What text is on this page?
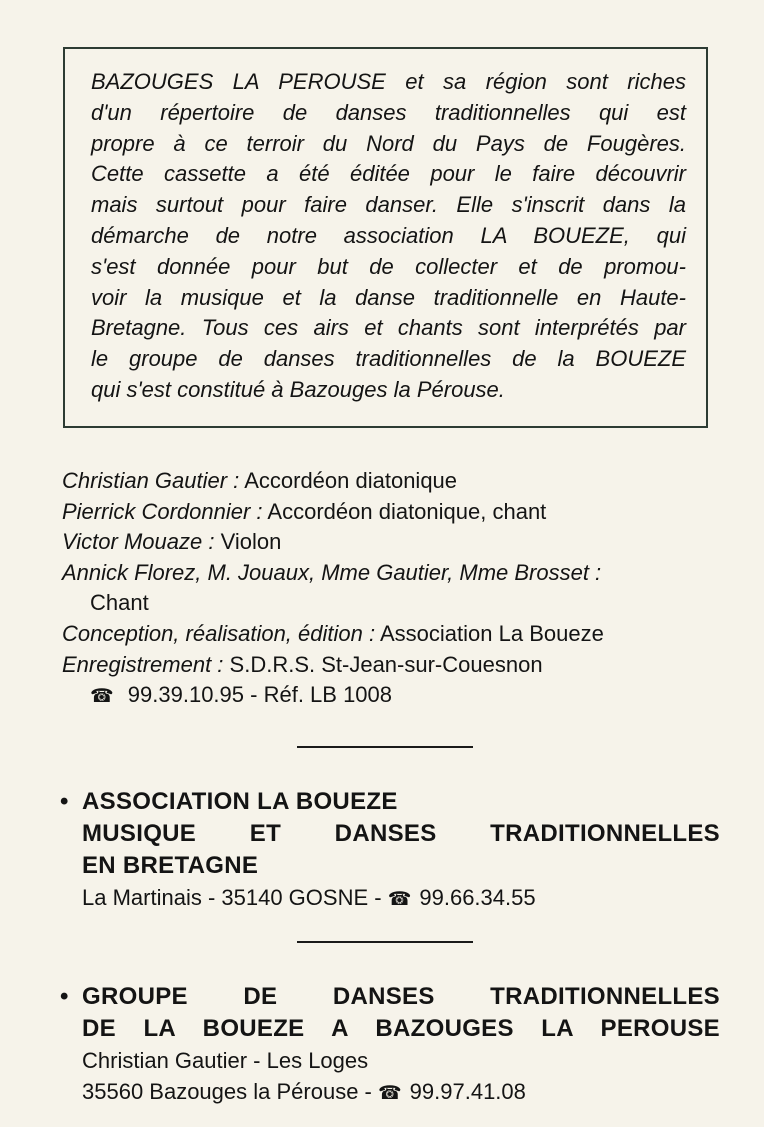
BAZOUGES LA PEROUSE et sa région sont riches
d'un répertoire de danses traditionnelles qui est
propre à ce terroir du Nord du Pays de Fougères.
Cette cassette a été éditée pour le faire découvrir
mais surtout pour faire danser. Elle s'inscrit dans la
démarche de notre association LA BOUEZE, qui
s'est donnée pour but de collecter et de promou-
voir la musique et la danse traditionnelle en Haute-
Bretagne. Tous ces airs et chants sont interprétés par
le groupe de danses traditionnelles de la BOUEZE
qui s'est constitué à Bazouges la Pérouse.
Christian Gautier : Accordéon diatonique
Pierrick Cordonnier : Accordéon diatonique, chant
Victor Mouaze : Violon
Annick Florez, M. Jouaux, Mme Gautier, Mme Brosset :
Chant
Conception, réalisation, édition : Association La Boueze
Enregistrement : S.D.R.S. St-Jean-sur-Couesnon
☎ 99.39.10.95 - Réf. LB 1008
• ASSOCIATION LA BOUEZE
MUSIQUE ET DANSES TRADITIONNELLES
EN BRETAGNE
La Martinais - 35140 GOSNE - ☎ 99.66.34.55
• GROUPE DE DANSES TRADITIONNELLES
DE LA BOUEZE A BAZOUGES LA PEROUSE
Christian Gautier - Les Loges
35560 Bazouges la Pérouse - ☎ 99.97.41.08
